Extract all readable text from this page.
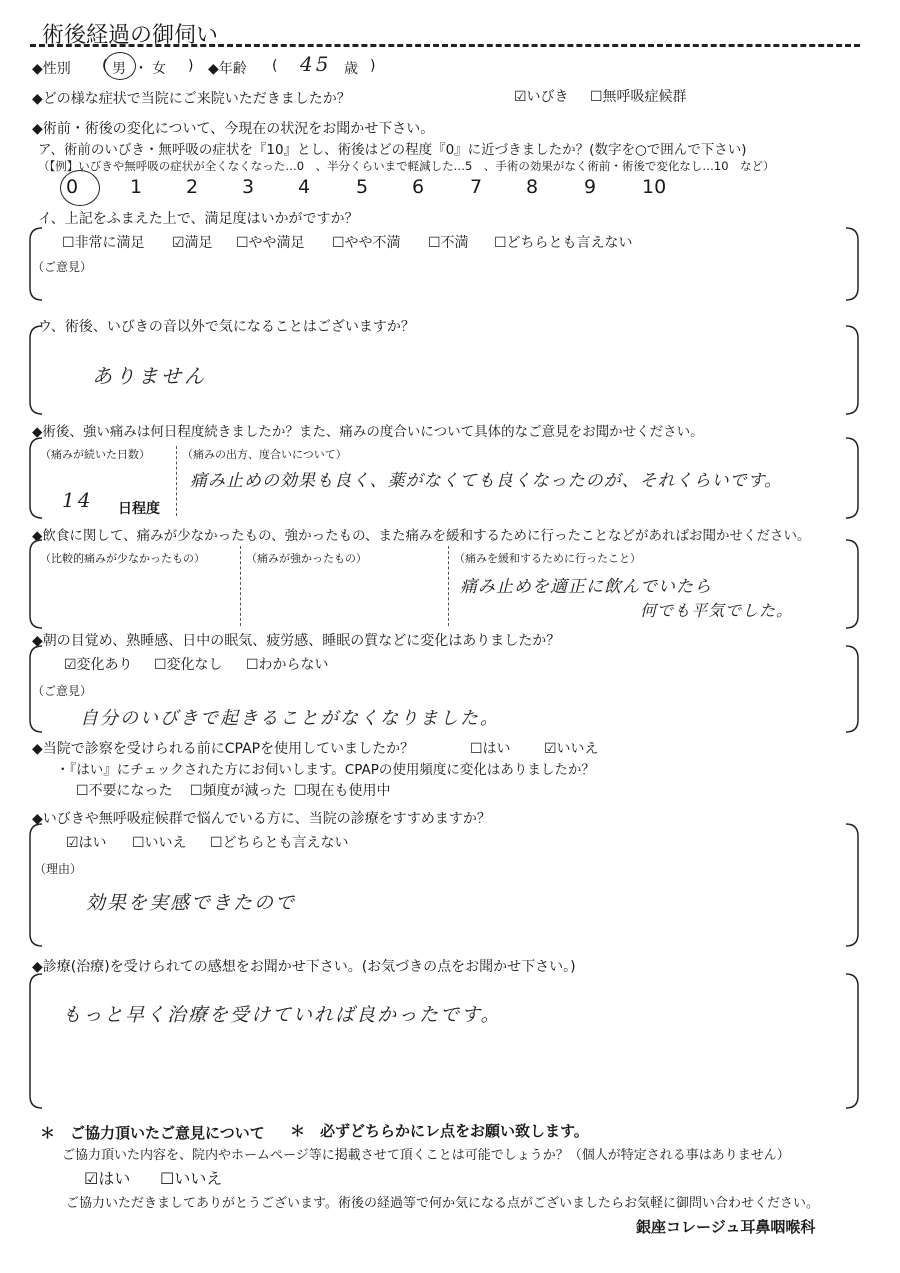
術後経過の御伺い
◆性別 ( 男 ・ 女 ) ◆年齢 ( 45 歳 )
◆どの様な症状で当院にご来院いただきましたか？	☑いびき ☐無呼吸症候群
◆術前・術後の変化について、今現在の状況をお聞かせ下さい。
ア、術前のいびき・無呼吸の症状を『10』とし、術後はどの程度『0』に近づきましたか？(数字を○で囲んで下さい)
（【例】いびきや無呼吸の症状が全くなくなった…0　、半分くらいまで軽減した…5　、手術の効果がなく術前・術後で変化なし…10　など）
0	1 2 3 4 5 6 7 8 9 10
イ、上記をふまえた上で、満足度はいかがですか？
☐非常に満足 ☑満足 ☐やや満足 ☐やや不満 ☐不満 ☐どちらとも言えない
（ご意見）
ウ、術後、いびきの音以外で気になることはございますか？
ありません
◆術後、強い痛みは何日程度続きましたか？また、痛みの度合いについて具体的なご意見をお聞かせください。
（痛みが続いた日数）
14 日程度
（痛みの出方、度合いについて）
痛み止めの効果も良く、薬がなくても良くなったのが、それくらいです。
◆飲食に関して、痛みが少なかったもの、強かったもの、また痛みを緩和するために行ったことなどがあればお聞かせください。
（比較的痛みが少なかったもの）	（痛みが強かったもの）	（痛みを緩和するために行ったこと）
痛み止めを適正に飲んでいたら
何でも平気でした。
◆朝の目覚め、熟睡感、日中の眠気、疲労感、睡眠の質などに変化はありましたか？
☑変化あり ☐変化なし ☐わからない
（ご意見）
自分のいびきで起きることがなくなりました。
◆当院で診察を受けられる前にCPAPを使用していましたか？	☐はい ☑いいえ
・『はい』にチェックされた方にお伺いします。CPAPの使用頻度に変化はありましたか？
☐不要になった ☐頻度が減った ☐現在も使用中
◆いびきや無呼吸症候群で悩んでいる方に、当院の診療をすすめますか？
☑はい ☐いいえ ☐どちらとも言えない
（理由）
効果を実感できたので
◆診療(治療)を受けられての感想をお聞かせ下さい。(お気づきの点をお聞かせ下さい。)
もっと早く治療を受けていれば良かったです。
＊　ご協力頂いたご意見について ＊　必ずどちらかにレ点をお願い致します。
ご協力頂いた内容を、院内やホームページ等に掲載させて頂くことは可能でしょうか？（個人が特定される事はありません）
☑はい ☐いいえ
ご協力いただきましてありがとうございます。術後の経過等で何か気になる点がございましたらお気軽に御問い合わせください。
銀座コレージュ耳鼻咽喉科
